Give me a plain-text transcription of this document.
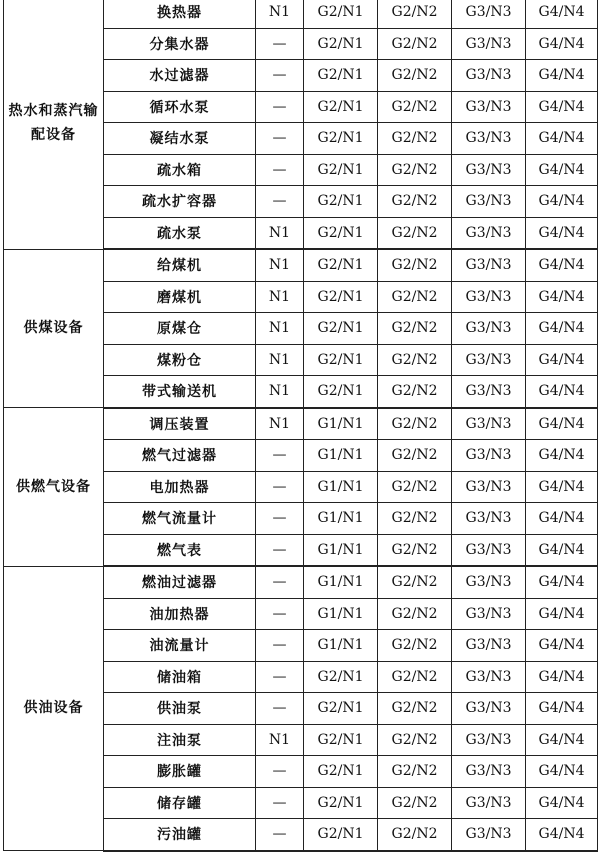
热水和蒸汽输配设备	换热器	N1	G2/N1	G2/N2	G3/N3	G4/N4
	分集水器	—	G2/N1	G2/N2	G3/N3	G4/N4
	水过滤器	—	G2/N1	G2/N2	G3/N3	G4/N4
	循环水泵	—	G2/N1	G2/N2	G3/N3	G4/N4
	凝结水泵	—	G2/N1	G2/N2	G3/N3	G4/N4
	疏水箱	—	G2/N1	G2/N2	G3/N3	G4/N4
	疏水扩容器	—	G2/N1	G2/N2	G3/N3	G4/N4
	疏水泵	N1	G2/N1	G2/N2	G3/N3	G4/N4
供煤设备	给煤机	N1	G2/N1	G2/N2	G3/N3	G4/N4
	磨煤机	N1	G2/N1	G2/N2	G3/N3	G4/N4
	原煤仓	N1	G2/N1	G2/N2	G3/N3	G4/N4
	煤粉仓	N1	G2/N1	G2/N2	G3/N3	G4/N4
	带式输送机	N1	G2/N1	G2/N2	G3/N3	G4/N4
供燃气设备	调压装置	N1	G1/N1	G2/N2	G3/N3	G4/N4
	燃气过滤器	—	G1/N1	G2/N2	G3/N3	G4/N4
	电加热器	—	G1/N1	G2/N2	G3/N3	G4/N4
	燃气流量计	—	G1/N1	G2/N2	G3/N3	G4/N4
	燃气表	—	G1/N1	G2/N2	G3/N3	G4/N4
供油设备	燃油过滤器	—	G1/N1	G2/N2	G3/N3	G4/N4
	油加热器	—	G1/N1	G2/N2	G3/N3	G4/N4
	油流量计	—	G1/N1	G2/N2	G3/N3	G4/N4
	储油箱	—	G2/N1	G2/N2	G3/N3	G4/N4
	供油泵	—	G2/N1	G2/N2	G3/N3	G4/N4
	注油泵	N1	G2/N1	G2/N2	G3/N3	G4/N4
	膨胀罐	—	G2/N1	G2/N2	G3/N3	G4/N4
	储存罐	—	G2/N1	G2/N2	G3/N3	G4/N4
	污油罐	—	G2/N1	G2/N2	G3/N3	G4/N4
